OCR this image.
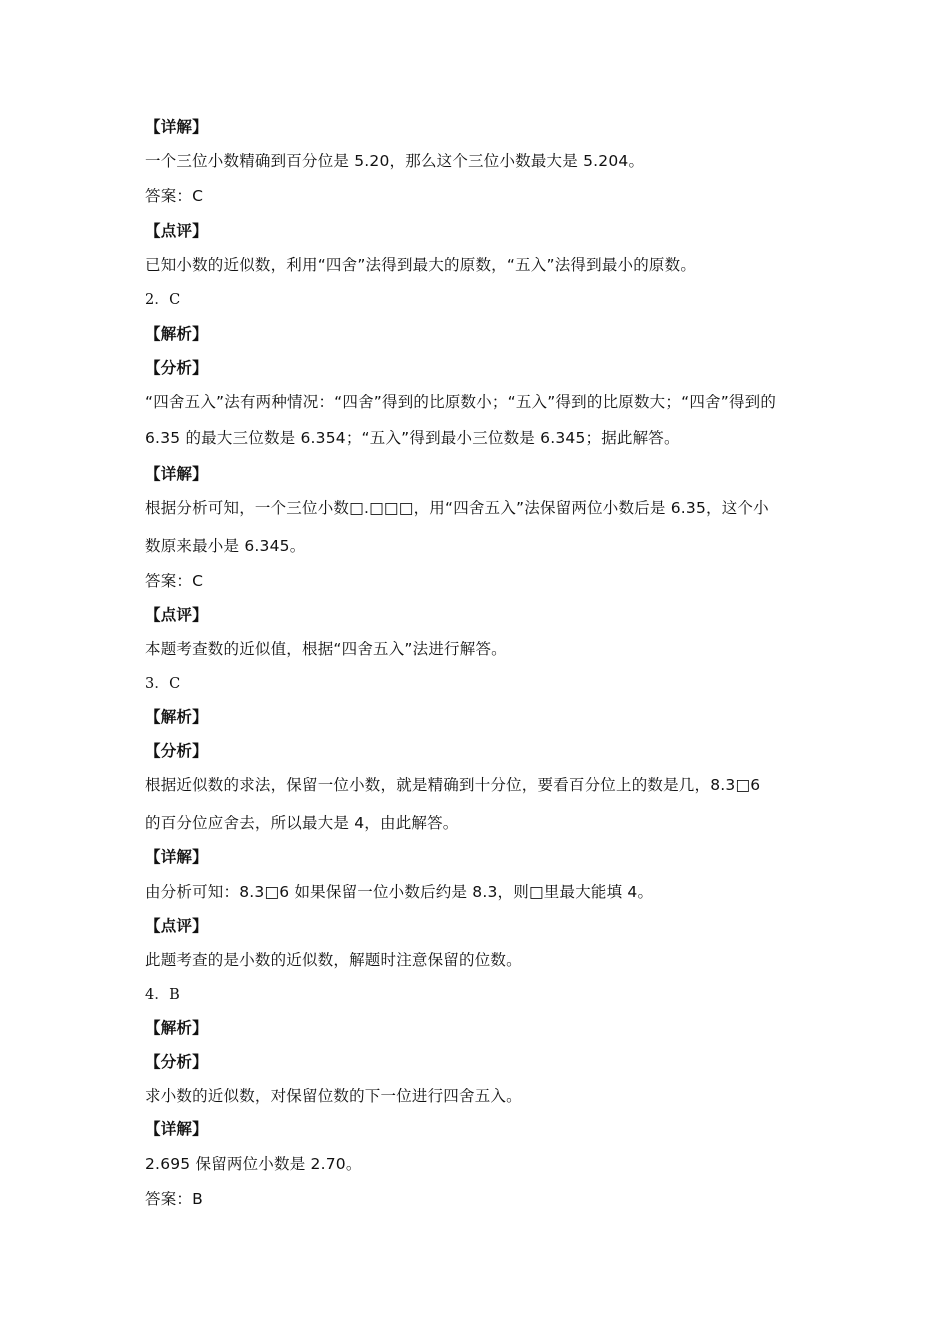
【详解】
一个三位小数精确到百分位是 5.20，那么这个三位小数最大是 5.204。
答案：C
【点评】
已知小数的近似数，利用“四舍”法得到最大的原数，“五入”法得到最小的原数。
2．C
【解析】
【分析】
“四舍五入”法有两种情况：“四舍”得到的比原数小；“五入”得到的比原数大；“四舍”得到的
6.35 的最大三位数是 6.354；“五入”得到最小三位数是 6.345；据此解答。
【详解】
根据分析可知，一个三位小数□.□□□，用“四舍五入”法保留两位小数后是 6.35，这个小
数原来最小是 6.345。
答案：C
【点评】
本题考查数的近似值，根据“四舍五入”法进行解答。
3．C
【解析】
【分析】
根据近似数的求法，保留一位小数，就是精确到十分位，要看百分位上的数是几，8.3□6
的百分位应舍去，所以最大是 4，由此解答。
【详解】
由分析可知：8.3□6 如果保留一位小数后约是 8.3，则□里最大能填 4。
【点评】
此题考查的是小数的近似数，解题时注意保留的位数。
4．B
【解析】
【分析】
求小数的近似数，对保留位数的下一位进行四舍五入。
【详解】
2.695 保留两位小数是 2.70。
答案：B
